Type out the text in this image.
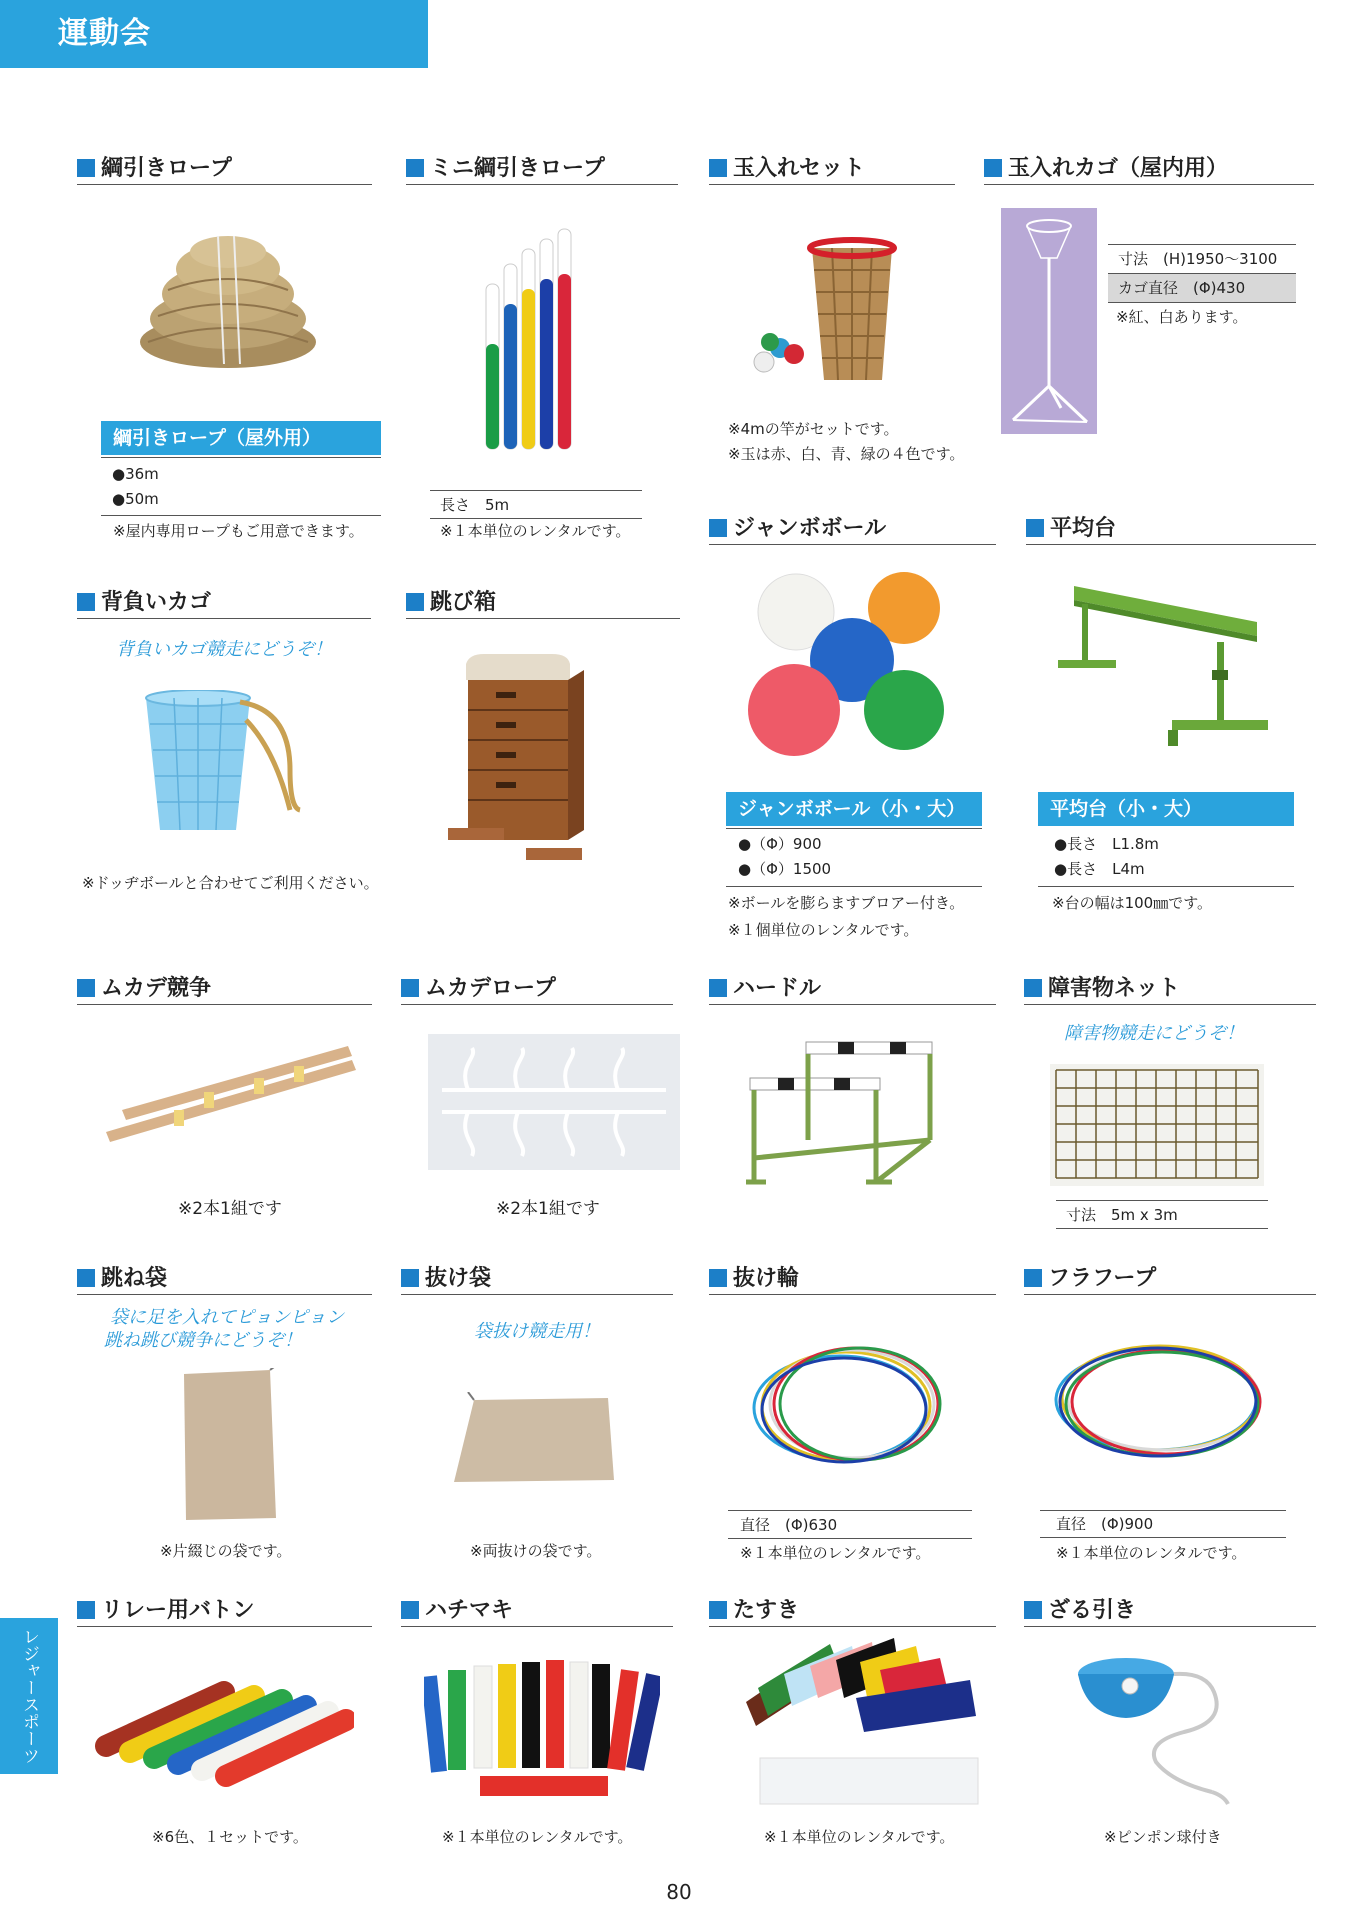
運動会
綱引きロープ
綱引きロープ（屋外用）
●36m
●50m
※屋内専用ロープもご用意できます。
ミニ綱引きロープ
長さ　5m
※１本単位のレンタルです。
玉入れセット
※4mの竿がセットです。
※玉は赤、白、青、緑の４色です。
玉入れカゴ（屋内用）
寸法　(H)1950〜3100
カゴ直径　(Φ)430
※紅、白あります。
ジャンボボール
ジャンボボール（小・大）
●（Φ）900
●（Φ）1500
※ボールを膨らますブロアー付き。
※１個単位のレンタルです。
平均台
平均台（小・大）
●長さ　L1.8m
●長さ　L4m
※台の幅は100㎜です。
背負いカゴ
背負いカゴ競走にどうぞ！
※ドッヂボールと合わせてご利用ください。
跳び箱
ムカデ競争
※2本1組です
ムカデロープ
※2本1組です
ハードル	障害物ネット
障害物競走にどうぞ！
寸法　5m x 3m
跳ね袋
袋に足を入れてピョンピョン
跳ね跳び競争にどうぞ！
※片綴じの袋です。
抜け袋
袋抜け競走用！
※両抜けの袋です。
抜け輪
直径　(Φ)630
※１本単位のレンタルです。
フラフープ
直径　(Φ)900
※１本単位のレンタルです。
リレー用バトン
※6色、１セットです。
ハチマキ
※１本単位のレンタルです。
たすき
※１本単位のレンタルです。
ざる引き
※ピンポン球付き
レジャースポーツ
80
